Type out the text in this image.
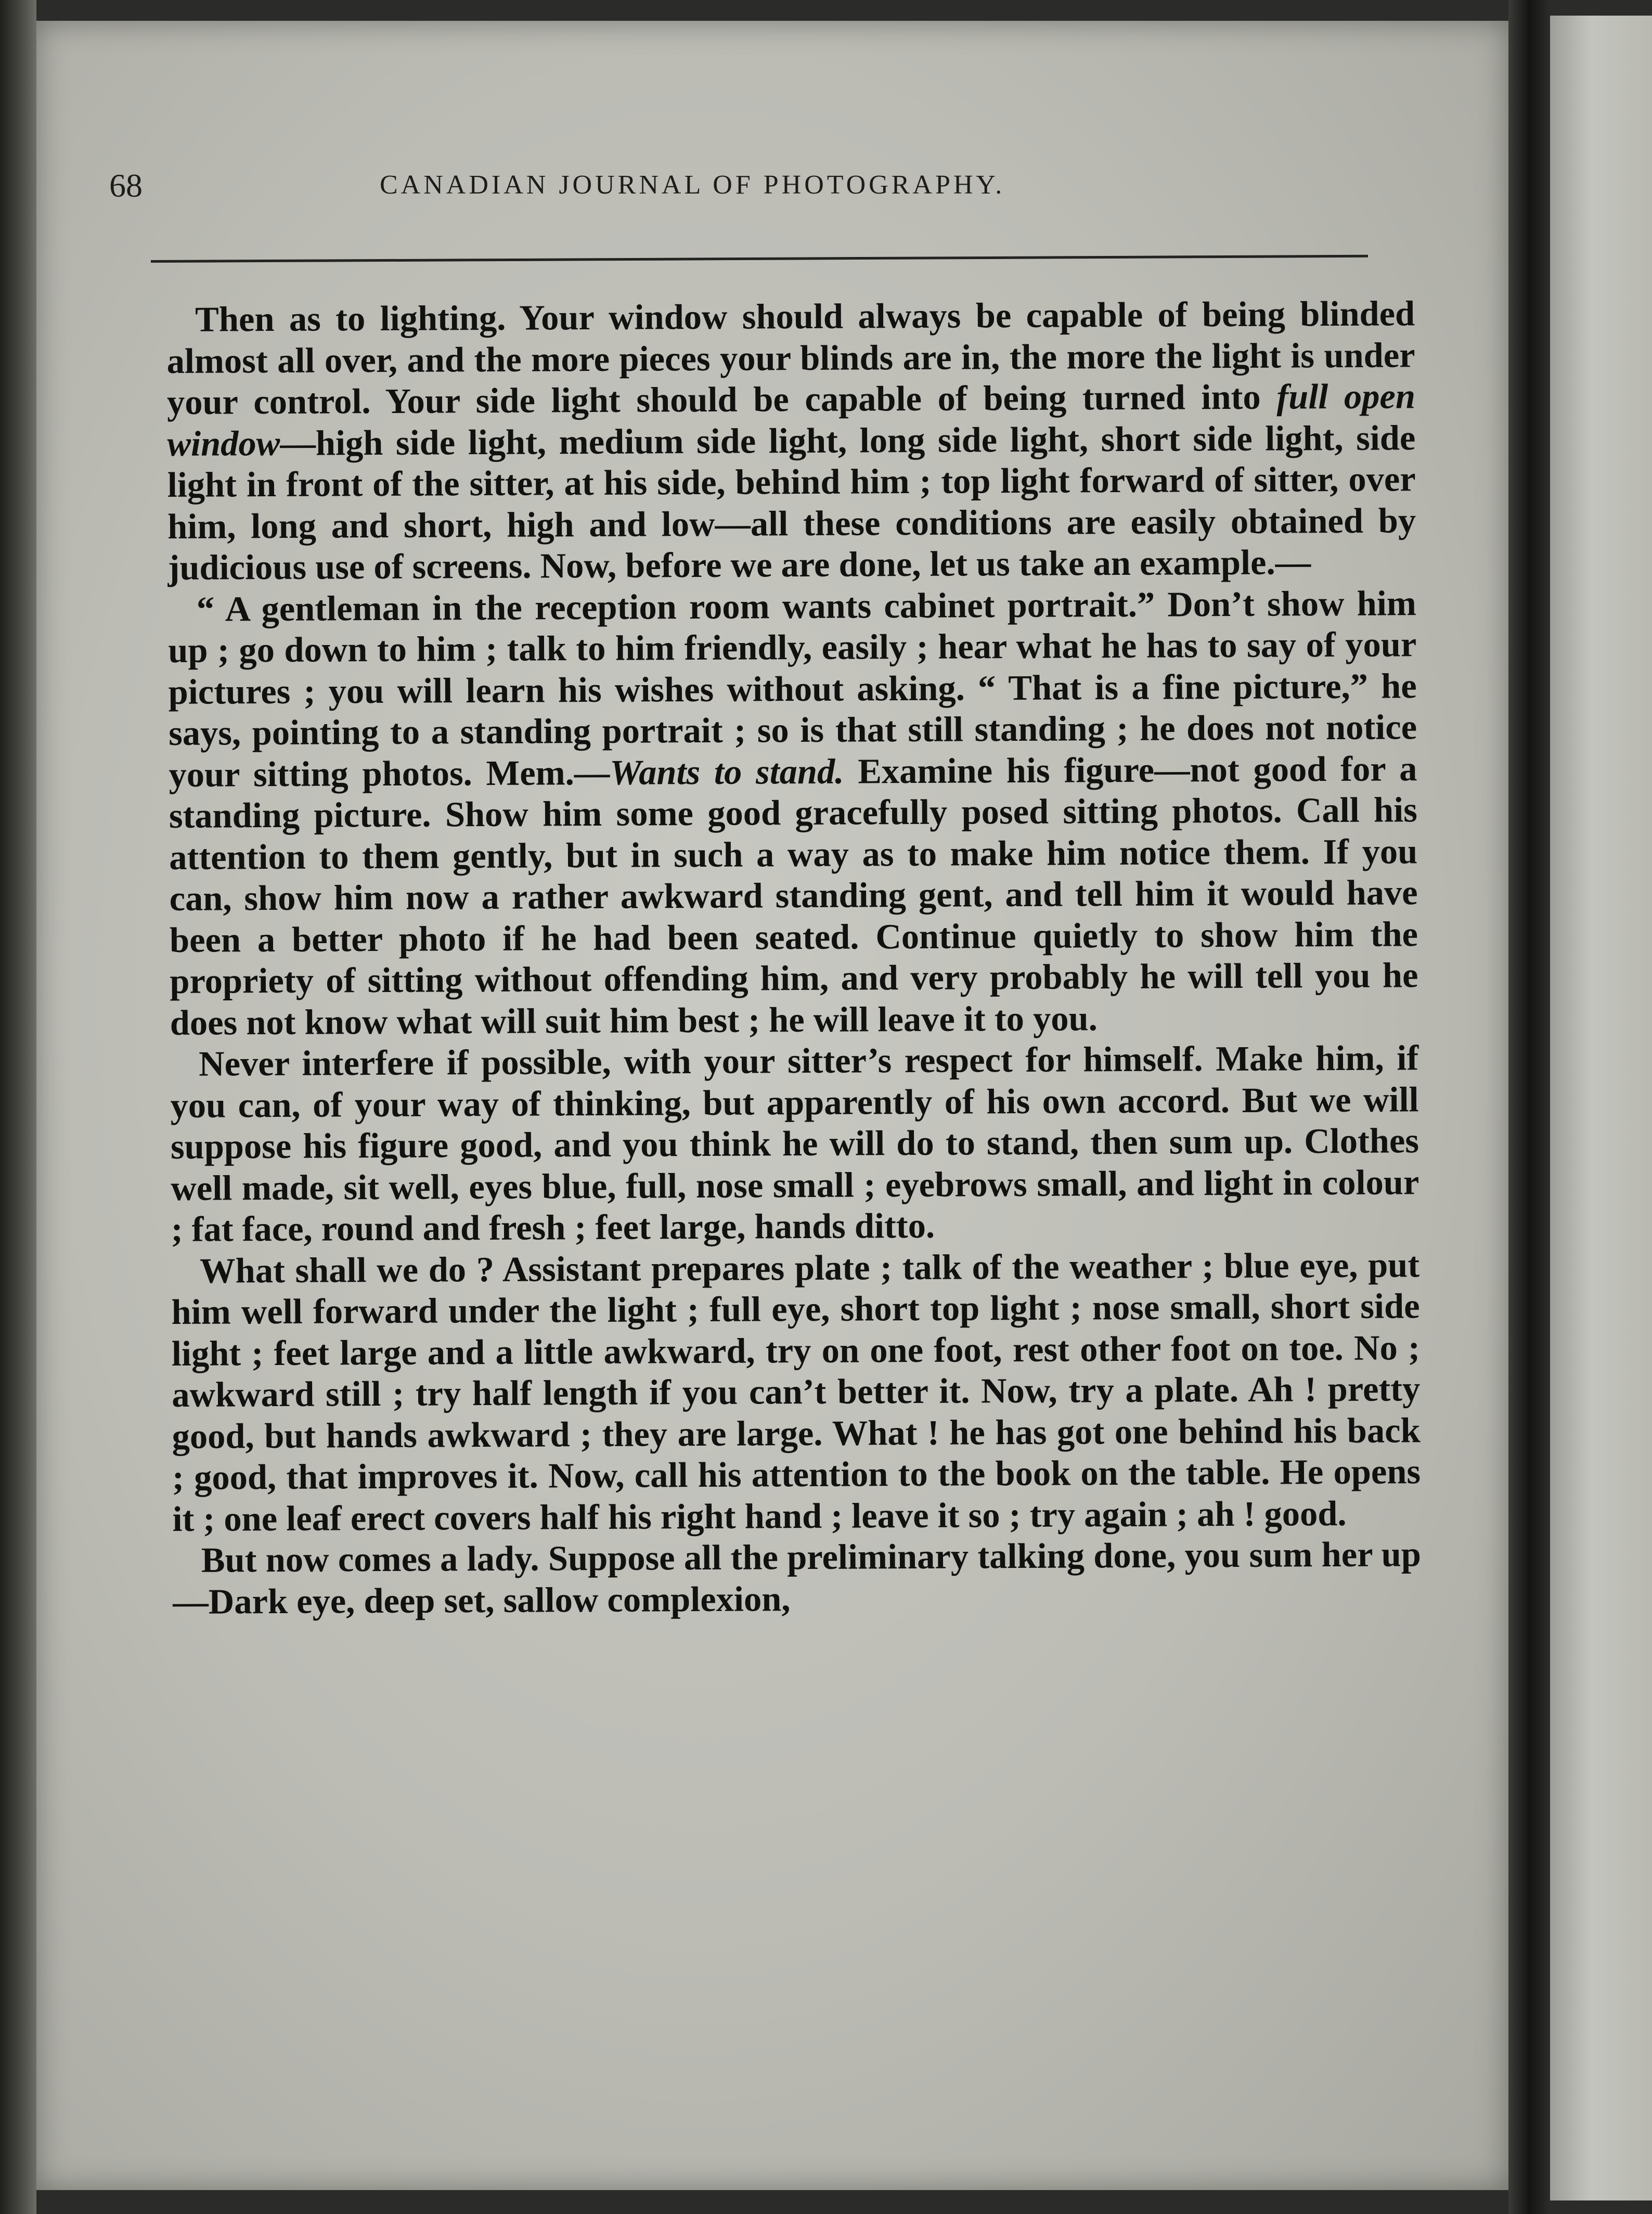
68	CANADIAN JOURNAL OF PHOTOGRAPHY.

Then as to lighting. Your window should always be capable of being blinded almost all over, and the more pieces your blinds are in, the more the light is under your control. Your side light should be capable of being turned into full open window—high side light, medium side light, long side light, short side light, side light in front of the sitter, at his side, behind him ; top light forward of sitter, over him, long and short, high and low—all these conditions are easily obtained by judicious use of screens. Now, before we are done, let us take an example.—

“ A gentleman in the reception room wants cabinet portrait.” Don’t show him up ; go down to him ; talk to him friendly, easily ; hear what he has to say of your pictures ; you will learn his wishes without asking. “ That is a fine picture,” he says, pointing to a standing portrait ; so is that still standing ; he does not notice your sitting photos. Mem.—Wants to stand. Examine his figure—not good for a standing picture. Show him some good gracefully posed sitting photos. Call his attention to them gently, but in such a way as to make him notice them. If you can, show him now a rather awkward standing gent, and tell him it would have been a better photo if he had been seated. Continue quietly to show him the propriety of sitting without offending him, and very probably he will tell you he does not know what will suit him best ; he will leave it to you.

Never interfere if possible, with your sitter’s respect for himself. Make him, if you can, of your way of thinking, but apparently of his own accord. But we will suppose his figure good, and you think he will do to stand, then sum up. Clothes well made, sit well, eyes blue, full, nose small ; eyebrows small, and light in colour ; fat face, round and fresh ; feet large, hands ditto.

What shall we do ? Assistant prepares plate ; talk of the weather ; blue eye, put him well forward under the light ; full eye, short top light ; nose small, short side light ; feet large and a little awkward, try on one foot, rest other foot on toe. No ; awkward still ; try half length if you can’t better it. Now, try a plate. Ah ! pretty good, but hands awkward ; they are large. What ! he has got one behind his back ; good, that improves it. Now, call his attention to the book on the table. He opens it ; one leaf erect covers half his right hand ; leave it so ; try again ; ah ! good.

But now comes a lady. Suppose all the preliminary talking done, you sum her up—Dark eye, deep set, sallow complexion,
